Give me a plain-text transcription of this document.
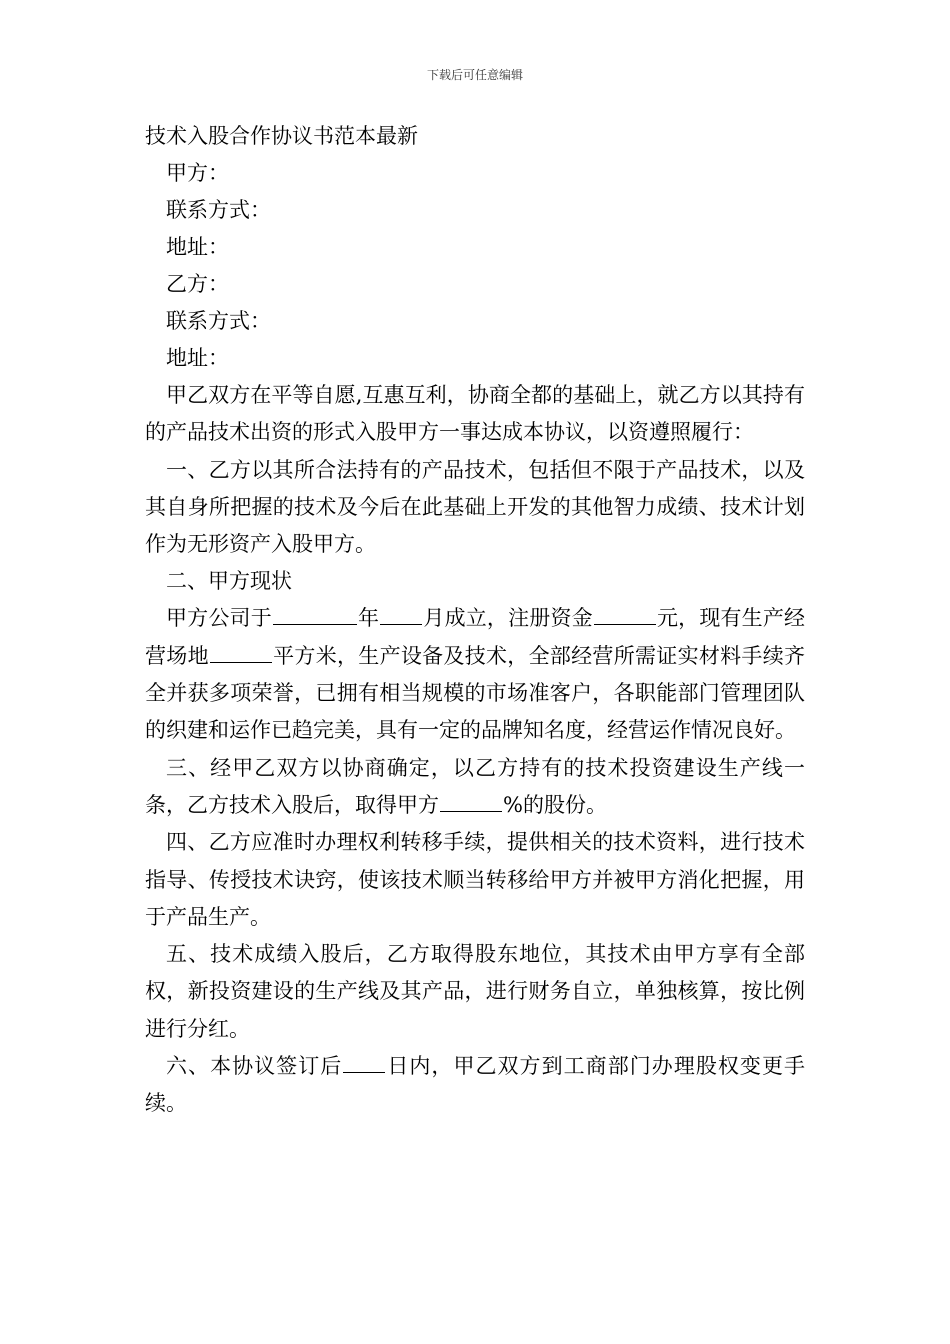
下载后可任意编辑

技术入股合作协议书范本最新

甲方：

联系方式：

地址：

乙方：

联系方式：

地址：

甲乙双方在平等自愿,互惠互利，协商全都的基础上，就乙方以其持有的产品技术出资的形式入股甲方一事达成本协议，以资遵照履行：

一、乙方以其所合法持有的产品技术，包括但不限于产品技术，以及其自身所把握的技术及今后在此基础上开发的其他智力成绩、技术计划作为无形资产入股甲方。

二、甲方现状

甲方公司于	年 月成立，注册资金	元，现有生产经营场地	平方米，生产设备及技术，全部经营所需证实材料手续齐全并获多项荣誉，已拥有相当规模的市场准客户，各职能部门管理团队的织建和运作已趋完美，具有一定的品牌知名度，经营运作情况良好。

三、经甲乙双方以协商确定，以乙方持有的技术投资建设生产线一条，乙方技术入股后，取得甲方	%的股份。

四、乙方应准时办理权利转移手续，提供相关的技术资料，进行技术指导、传授技术诀窍，使该技术顺当转移给甲方并被甲方消化把握，用于产品生产。

五、技术成绩入股后，乙方取得股东地位，其技术由甲方享有全部权，新投资建设的生产线及其产品，进行财务自立，单独核算，按比例进行分红。

六、本协议签订后 日内，甲乙双方到工商部门办理股权变更手续。
